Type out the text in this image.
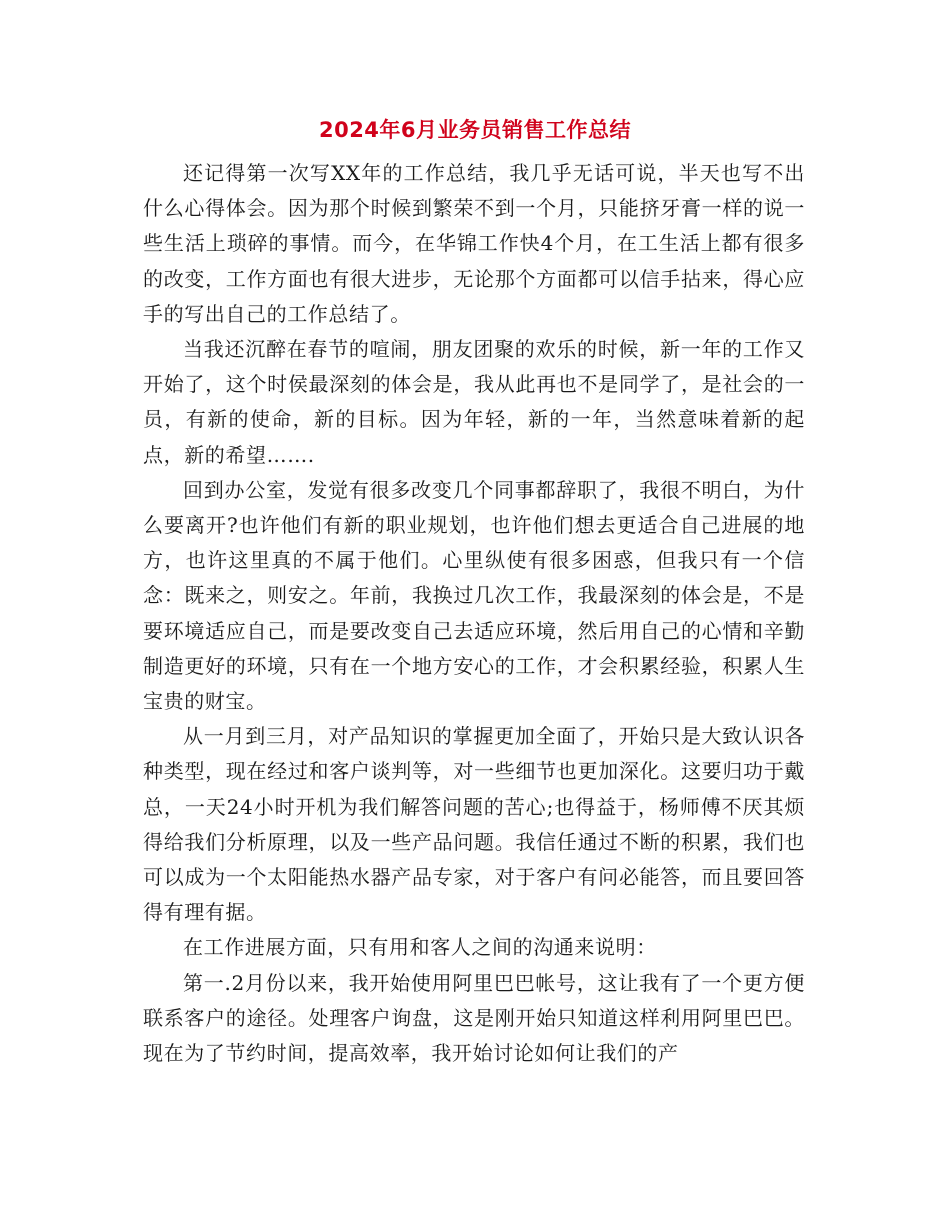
2024年6月业务员销售工作总结

还记得第一次写XX年的工作总结，我几乎无话可说，半天也写不出什么心得体会。因为那个时候到繁荣不到一个月，只能挤牙膏一样的说一些生活上琐碎的事情。而今，在华锦工作快4个月，在工生活上都有很多的改变，工作方面也有很大进步，无论那个方面都可以信手拈来，得心应手的写出自己的工作总结了。

当我还沉醉在春节的喧闹，朋友团聚的欢乐的时候，新一年的工作又开始了，这个时侯最深刻的体会是，我从此再也不是同学了，是社会的一员，有新的使命，新的目标。因为年轻，新的一年，当然意味着新的起点，新的希望…….

回到办公室，发觉有很多改变几个同事都辞职了，我很不明白，为什么要离开?也许他们有新的职业规划，也许他们想去更适合自己进展的地方，也许这里真的不属于他们。心里纵使有很多困惑，但我只有一个信念：既来之，则安之。年前，我换过几次工作，我最深刻的体会是，不是要环境适应自己，而是要改变自己去适应环境，然后用自己的心情和辛勤制造更好的环境，只有在一个地方安心的工作，才会积累经验，积累人生宝贵的财宝。

从一月到三月，对产品知识的掌握更加全面了，开始只是大致认识各种类型，现在经过和客户谈判等，对一些细节也更加深化。这要归功于戴总，一天24小时开机为我们解答问题的苦心;也得益于，杨师傅不厌其烦得给我们分析原理，以及一些产品问题。我信任通过不断的积累，我们也可以成为一个太阳能热水器产品专家，对于客户有问必能答，而且要回答得有理有据。

在工作进展方面，只有用和客人之间的沟通来说明：

第一.2月份以来，我开始使用阿里巴巴帐号，这让我有了一个更方便联系客户的途径。处理客户询盘，这是刚开始只知道这样利用阿里巴巴。现在为了节约时间，提高效率，我开始讨论如何让我们的产
